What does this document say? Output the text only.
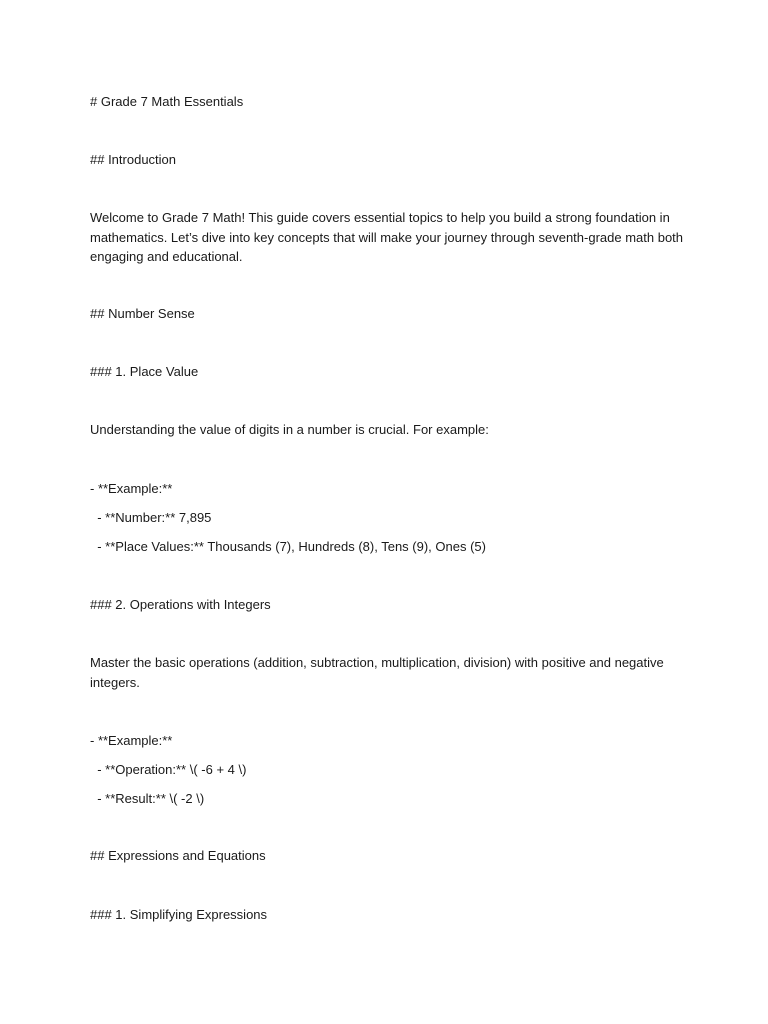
# Grade 7 Math Essentials

## Introduction

Welcome to Grade 7 Math! This guide covers essential topics to help you build a strong foundation in mathematics. Let’s dive into key concepts that will make your journey through seventh-grade math both engaging and educational.

## Number Sense

### 1. Place Value

Understanding the value of digits in a number is crucial. For example:

- **Example:**

- **Number:** 7,895

- **Place Values:** Thousands (7), Hundreds (8), Tens (9), Ones (5)

### 2. Operations with Integers

Master the basic operations (addition, subtraction, multiplication, division) with positive and negative integers.

- **Example:**

- **Operation:** \( -6 + 4 \)

- **Result:** \( -2 \)

## Expressions and Equations

### 1. Simplifying Expressions
